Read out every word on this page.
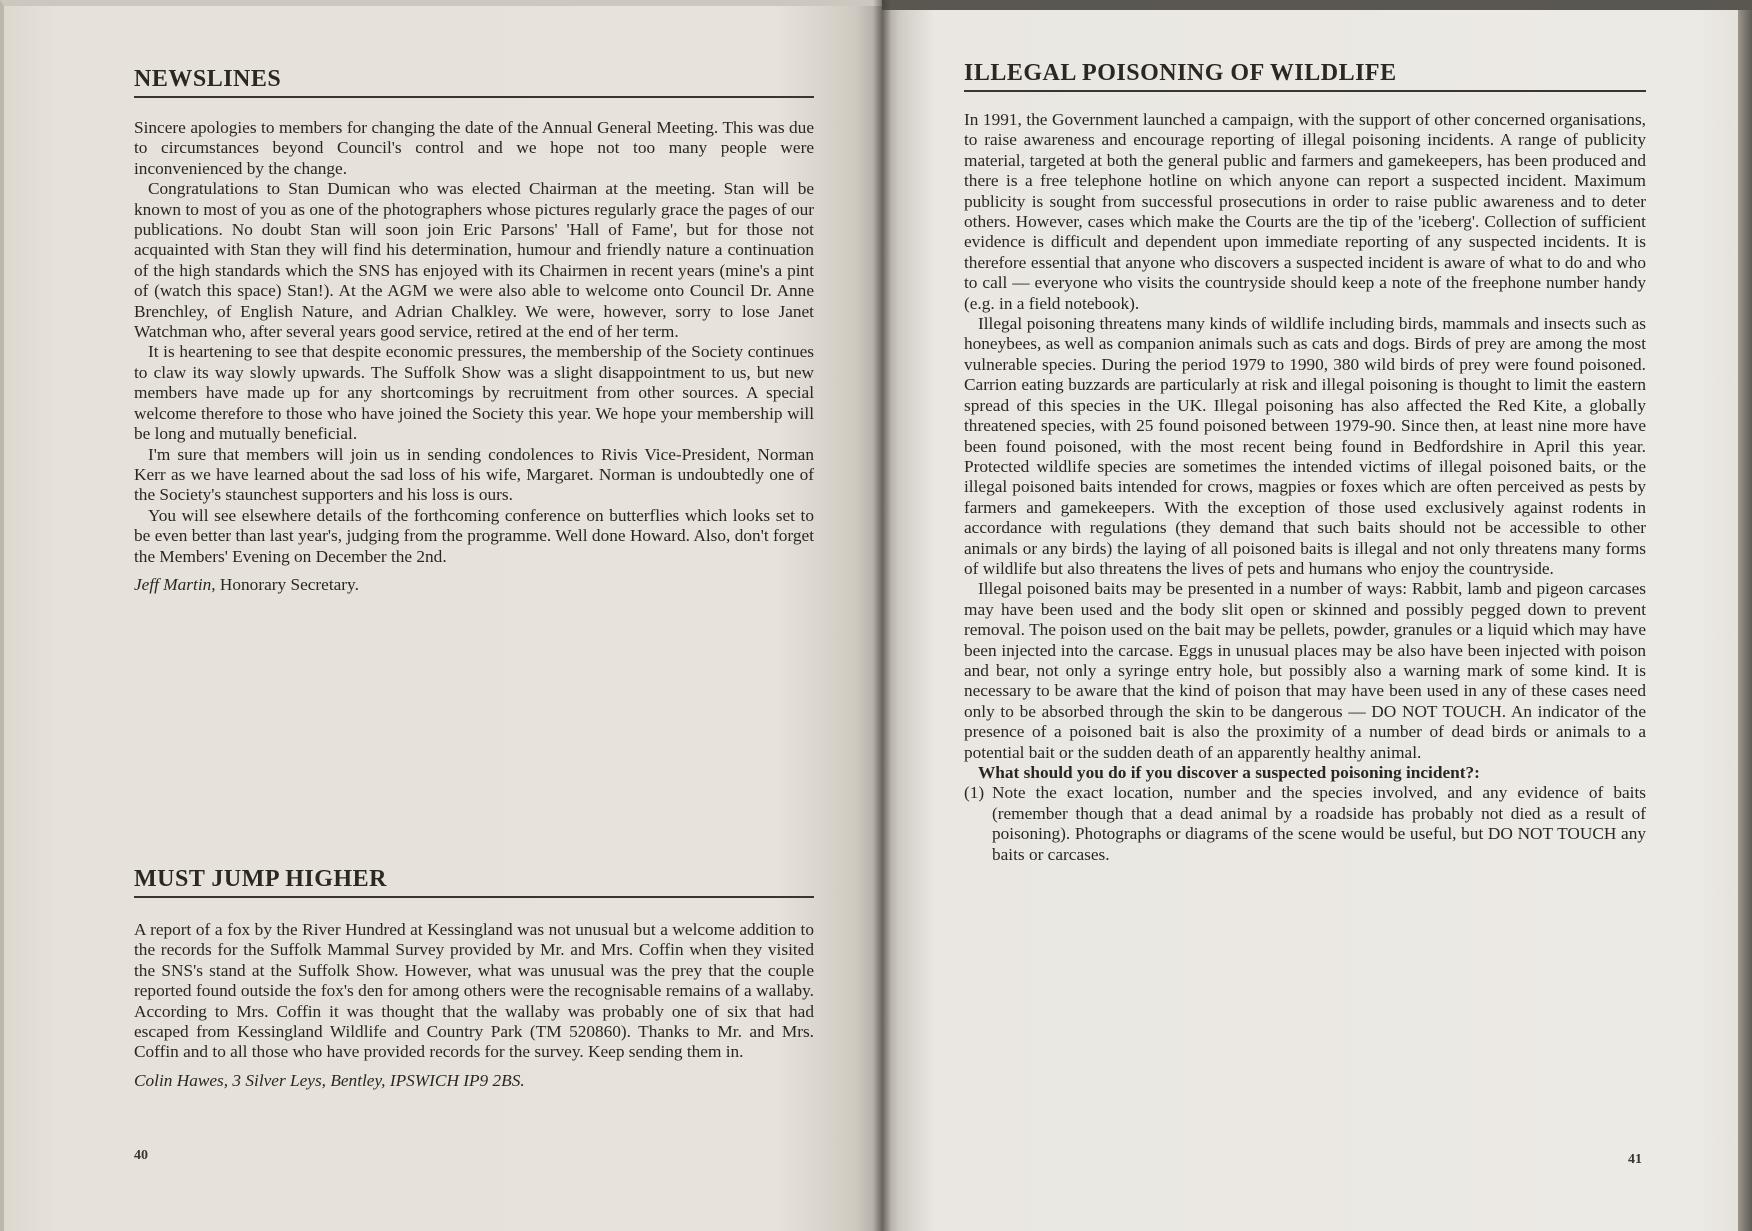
NEWSLINES

Sincere apologies to members for changing the date of the Annual General Meeting. This was due to circumstances beyond Council's control and we hope not too many people were inconvenienced by the change.

Congratulations to Stan Dumican who was elected Chairman at the meeting. Stan will be known to most of you as one of the photographers whose pictures regularly grace the pages of our publications. No doubt Stan will soon join Eric Parsons' 'Hall of Fame', but for those not acquainted with Stan they will find his determination, humour and friendly nature a continuation of the high standards which the SNS has enjoyed with its Chairmen in recent years (mine's a pint of (watch this space) Stan!). At the AGM we were also able to welcome onto Council Dr. Anne Brenchley, of English Nature, and Adrian Chalkley. We were, however, sorry to lose Janet Watchman who, after several years good service, retired at the end of her term.

It is heartening to see that despite economic pressures, the membership of the Society continues to claw its way slowly upwards. The Suffolk Show was a slight disappointment to us, but new members have made up for any shortcomings by recruitment from other sources. A special welcome therefore to those who have joined the Society this year. We hope your membership will be long and mutually beneficial.

I'm sure that members will join us in sending condolences to Rivis Vice-President, Norman Kerr as we have learned about the sad loss of his wife, Margaret. Norman is undoubtedly one of the Society's staunchest supporters and his loss is ours.

You will see elsewhere details of the forthcoming conference on butterflies which looks set to be even better than last year's, judging from the programme. Well done Howard. Also, don't forget the Members' Evening on December the 2nd.

Jeff Martin, Honorary Secretary.

MUST JUMP HIGHER

A report of a fox by the River Hundred at Kessingland was not unusual but a welcome addition to the records for the Suffolk Mammal Survey provided by Mr. and Mrs. Coffin when they visited the SNS's stand at the Suffolk Show. However, what was unusual was the prey that the couple reported found outside the fox's den for among others were the recognisable remains of a wallaby. According to Mrs. Coffin it was thought that the wallaby was probably one of six that had escaped from Kessingland Wildlife and Country Park (TM 520860). Thanks to Mr. and Mrs. Coffin and to all those who have provided records for the survey. Keep sending them in.

Colin Hawes, 3 Silver Leys, Bentley, IPSWICH IP9 2BS.

40
ILLEGAL POISONING OF WILDLIFE

In 1991, the Government launched a campaign, with the support of other concerned organisations, to raise awareness and encourage reporting of illegal poisoning incidents. A range of publicity material, targeted at both the general public and farmers and gamekeepers, has been produced and there is a free telephone hotline on which anyone can report a suspected incident. Maximum publicity is sought from successful prosecutions in order to raise public awareness and to deter others. However, cases which make the Courts are the tip of the 'iceberg'. Collection of sufficient evidence is difficult and dependent upon immediate reporting of any suspected incidents. It is therefore essential that anyone who discovers a suspected incident is aware of what to do and who to call — everyone who visits the countryside should keep a note of the freephone number handy (e.g. in a field notebook).

Illegal poisoning threatens many kinds of wildlife including birds, mammals and insects such as honeybees, as well as companion animals such as cats and dogs. Birds of prey are among the most vulnerable species. During the period 1979 to 1990, 380 wild birds of prey were found poisoned. Carrion eating buzzards are particularly at risk and illegal poisoning is thought to limit the eastern spread of this species in the UK. Illegal poisoning has also affected the Red Kite, a globally threatened species, with 25 found poisoned between 1979-90. Since then, at least nine more have been found poisoned, with the most recent being found in Bedfordshire in April this year. Protected wildlife species are sometimes the intended victims of illegal poisoned baits, or the illegal poisoned baits intended for crows, magpies or foxes which are often perceived as pests by farmers and gamekeepers. With the exception of those used exclusively against rodents in accordance with regulations (they demand that such baits should not be accessible to other animals or any birds) the laying of all poisoned baits is illegal and not only threatens many forms of wildlife but also threatens the lives of pets and humans who enjoy the countryside.

Illegal poisoned baits may be presented in a number of ways: Rabbit, lamb and pigeon carcases may have been used and the body slit open or skinned and possibly pegged down to prevent removal. The poison used on the bait may be pellets, powder, granules or a liquid which may have been injected into the carcase. Eggs in unusual places may be also have been injected with poison and bear, not only a syringe entry hole, but possibly also a warning mark of some kind. It is necessary to be aware that the kind of poison that may have been used in any of these cases need only to be absorbed through the skin to be dangerous — DO NOT TOUCH. An indicator of the presence of a poisoned bait is also the proximity of a number of dead birds or animals to a potential bait or the sudden death of an apparently healthy animal.

What should you do if you discover a suspected poisoning incident?:

(1) Note the exact location, number and the species involved, and any evidence of baits (remember though that a dead animal by a roadside has probably not died as a result of poisoning). Photographs or diagrams of the scene would be useful, but DO NOT TOUCH any baits or carcases.

41
